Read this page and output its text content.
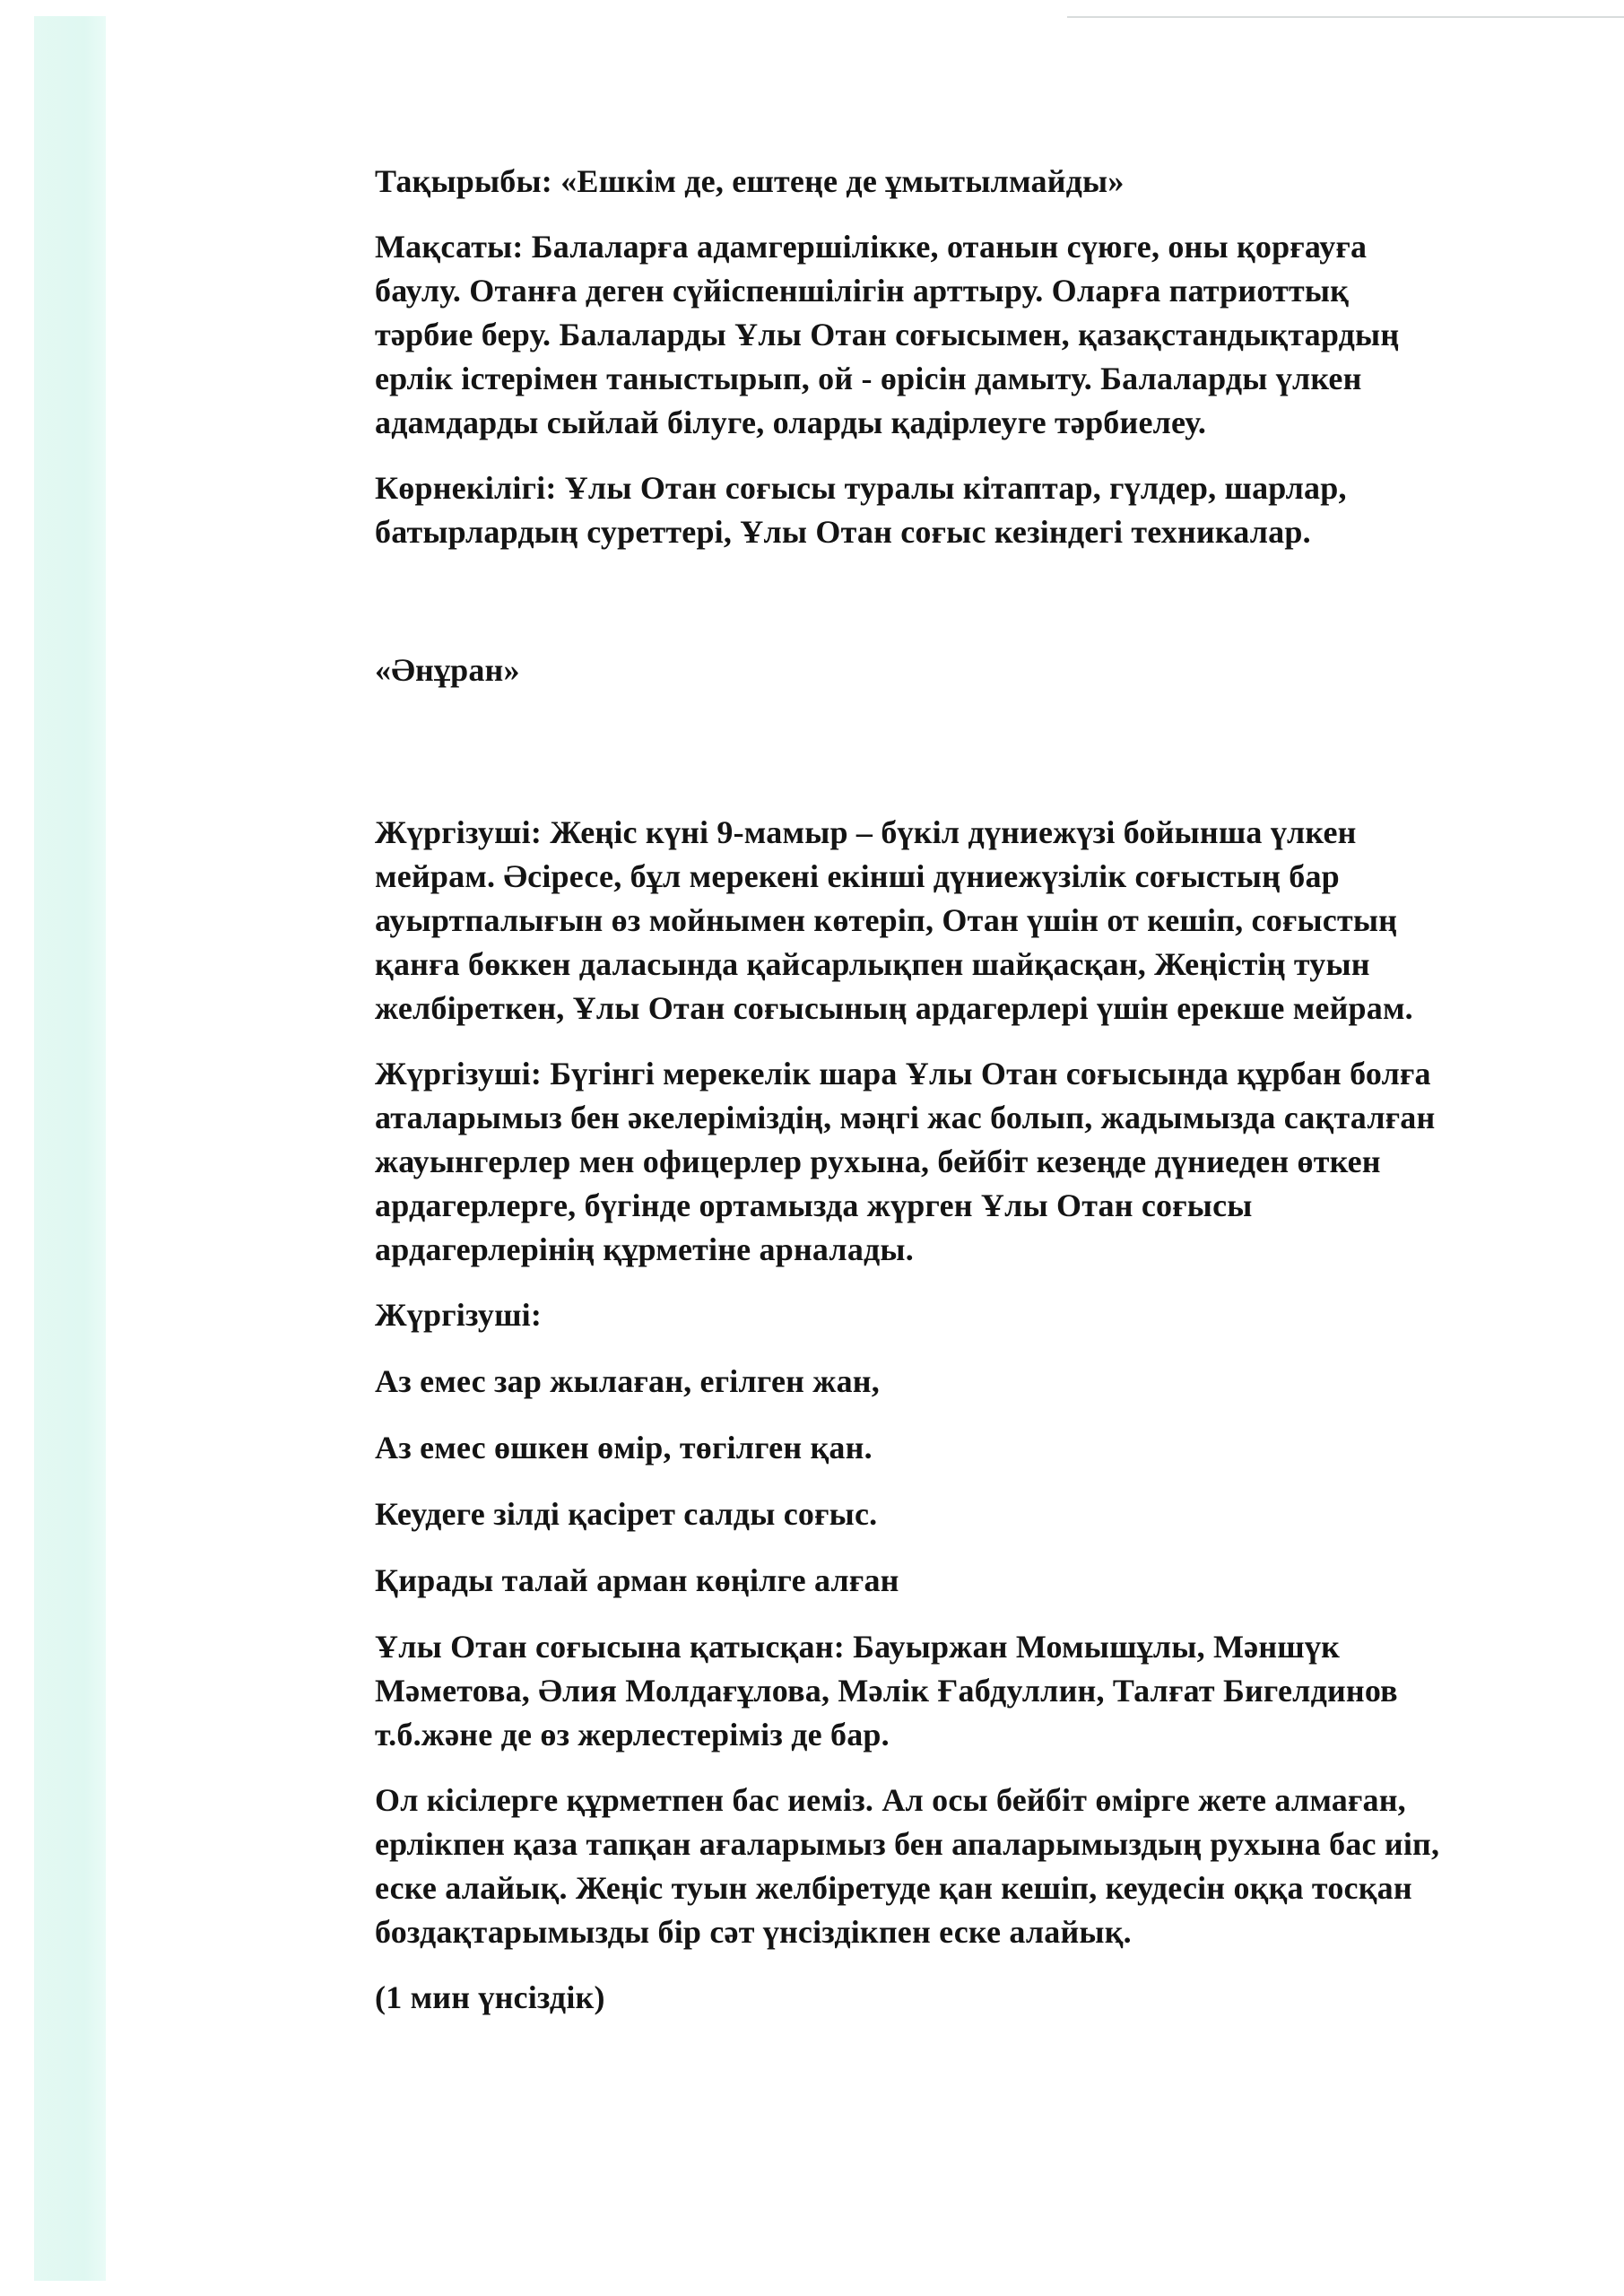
Тақырыбы: «Ешкім де, ештеңе де ұмытылмайды»

Мақсаты: Балаларға адамгершілікке, отанын сүюге, оны қорғауға
баулу. Отанға деген сүйіспеншілігін арттыру. Оларға патриоттық
тәрбие беру. Балаларды Ұлы Отан соғысымен, қазақстандықтардың
ерлік істерімен таныстырып, ой - өрісін дамыту. Балаларды үлкен
адамдарды сыйлай білуге, оларды қадірлеуге тәрбиелеу.

Көрнекілігі: Ұлы Отан соғысы туралы кітаптар, гүлдер, шарлар,
батырлардың суреттері, Ұлы Отан соғыс кезіндегі техникалар.

«Әнұран»

Жүргізуші: Жеңіс күні 9-мамыр – бүкіл дүниежүзі бойынша үлкен
мейрам. Әсіресе, бұл мерекені екінші дүниежүзілік соғыстың бар
ауыртпалығын өз мойнымен көтеріп, Отан үшін от кешіп, соғыстың
қанға бөккен даласында қайсарлықпен шайқасқан, Жеңістің туын
желбіреткен, Ұлы Отан соғысының ардагерлері үшін ерекше мейрам.

Жүргізуші: Бүгінгі мерекелік шара Ұлы Отан соғысында құрбан болға
аталарымыз бен әкелерімiздің, мәңгі жас болып, жадымызда сақталған
жауынгерлер мен офицерлер рухына, бейбіт кезеңде дүниеден өткен
ардагерлерге, бүгінде ортамызда жүрген Ұлы Отан соғысы
ардагерлерінің құрметіне арналады.

Жүргізуші:

Аз емес зар жылаған, егілген жан,

Аз емес өшкен өмір, төгілген қан.

Кеудеге зілді қасірет салды соғыс.

Қирады талай арман көңілге алған

Ұлы Отан соғысына қатысқан: Бауыржан Момышұлы, Мәншүк
Мәметова, Әлия Молдағұлова, Мәлік Ғабдуллин, Талғат Бигелдинов
т.б.және де өз жерлестеріміз де бар.

Ол кісілерге құрметпен бас иеміз. Ал осы бейбіт өмірге жете алмаған,
ерлікпен қаза тапқан ағаларымыз бен апаларымыздың рухына бас иіп,
еске алайық. Жеңіс туын желбіретуде қан кешіп, кеудесін оққа тосқан
боздақтарымызды бір сәт үнсіздікпен еске алайық.

(1 мин үнсіздік)
